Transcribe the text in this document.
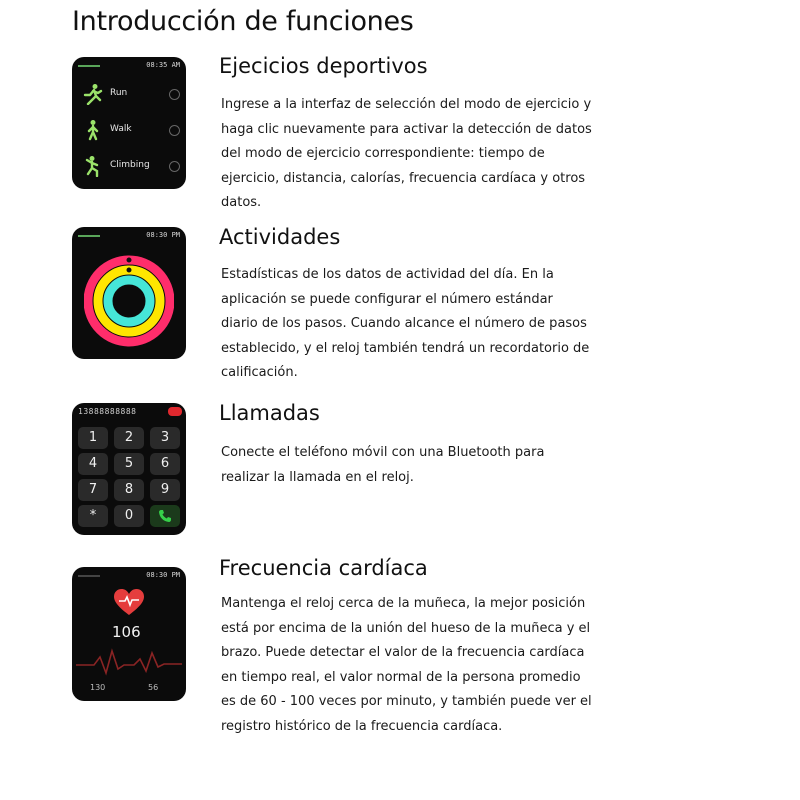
Introducción de funciones
08:35 AM
Run
Walk
Climbing
Ejecicios deportivos
Ingrese a la interfaz de selección del modo de ejercicio y haga clic nuevamente para activar la detección de datos del modo de ejercicio correspondiente: tiempo de ejercicio, distancia, calorías, frecuencia cardíaca y otros datos.
08:30 PM Actividades
Estadísticas de los datos de actividad del día. En la aplicación se puede configurar el número estándar diario de los pasos. Cuando alcance el número de pasos establecido, y el reloj también tendrá un recordatorio de calificación.
13888888888
1	2	3
4	5	6
7	8	9
*	0
Llamadas
Conecte el teléfono móvil con una Bluetooth para realizar la llamada en el reloj.
08:30 PM
106
130	56
Frecuencia cardíaca
Mantenga el reloj cerca de la muñeca, la mejor posición está por encima de la unión del hueso de la muñeca y el brazo. Puede detectar el valor de la frecuencia cardíaca en tiempo real, el valor normal de la persona promedio es de 60 - 100 veces por minuto, y también puede ver el registro histórico de la frecuencia cardíaca.
